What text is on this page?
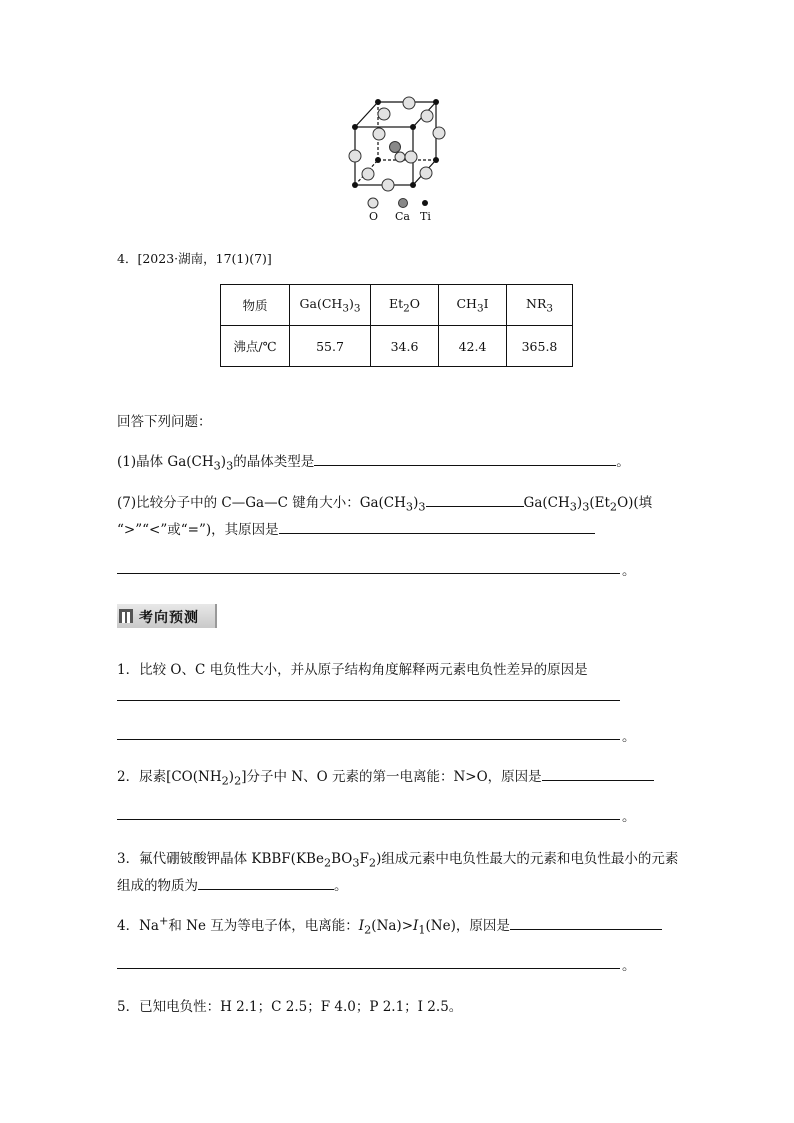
O Ca Ti
4．[2023·湖南，17(1)(7)]
物质	$Ga(CH_3)_3$	$Et_2O$	$CH_3I$	$NR_3$
沸点/℃	55.7	34.6	42.4	365.8
回答下列问题：
(1)晶体 $Ga(CH_3)_3$的晶体类型是	。
(7)比较分子中的 C—Ga—C 键角大小：$Ga(CH_3)_3$	$Ga(CH_3)_3(Et_2O)$(填
“>”“<”或“=”)，其原因是
。
考向预测
1．比较 O、C 电负性大小，并从原子结构角度解释两元素电负性差异的原因是
。
2．尿素$[CO(NH_2)_2]$分子中 N、O 元素的第一电离能：N>O，原因是
。
3．氟代硼铍酸钾晶体 $KBBF(KBe_2BO_3F_2)$组成元素中电负性最大的元素和电负性最小的元素
组成的物质为	。
4．Na+和 Ne 互为等电子体，电离能：$I_2(Na)>I_1(Ne)$，原因是
。
5．已知电负性：H 2.1；C 2.5；F 4.0；P 2.1；I 2.5。
